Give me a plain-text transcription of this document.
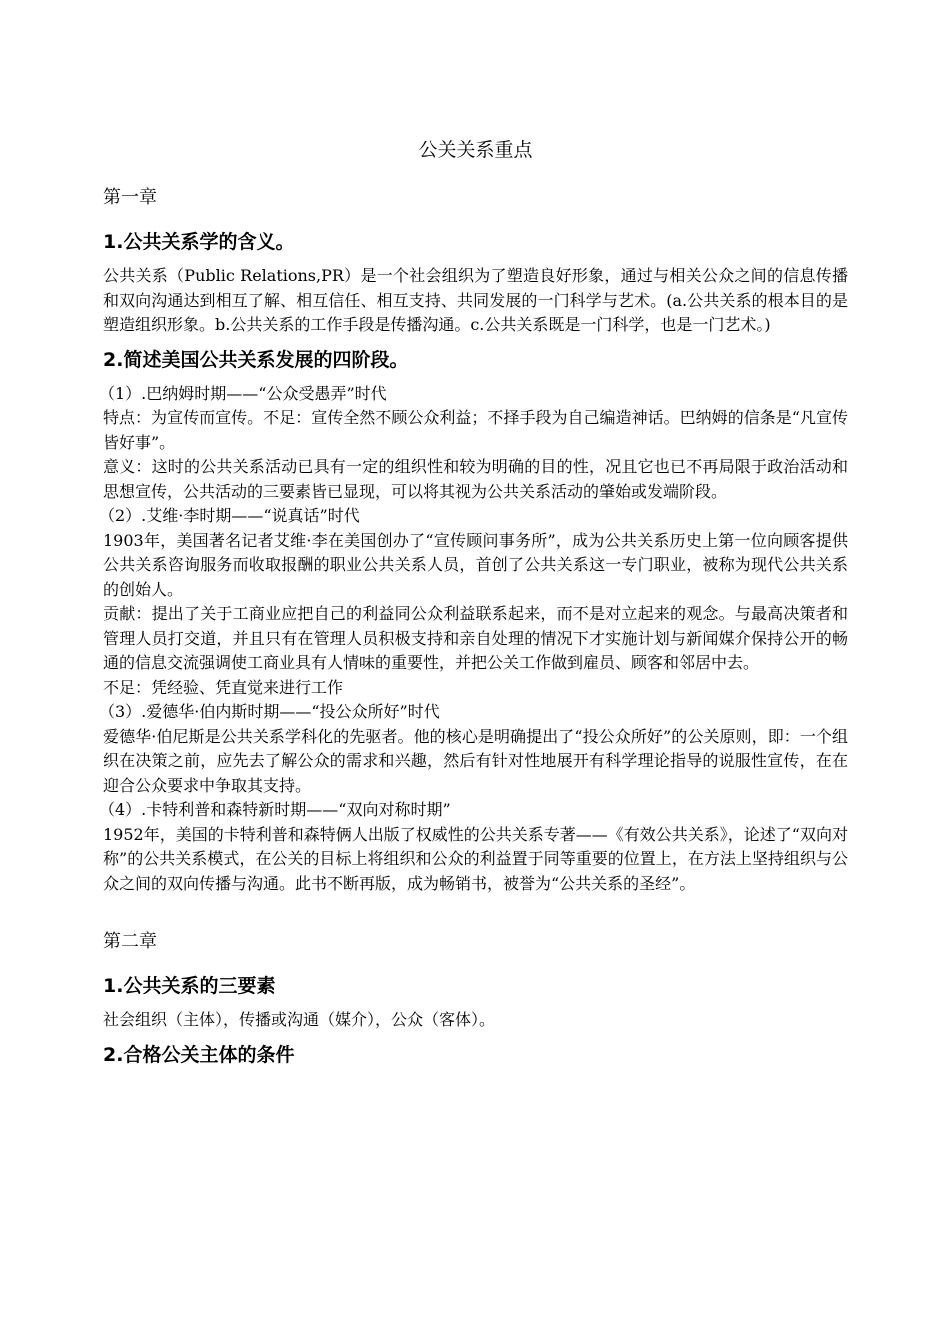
公关关系重点
第一章
1.公共关系学的含义。

公共关系（Public Relations,PR）是一个社会组织为了塑造良好形象，通过与相关公众之间的信息传播和双向沟通达到相互了解、相互信任、相互支持、共同发展的一门科学与艺术。(a.公共关系的根本目的是塑造组织形象。b.公共关系的工作手段是传播沟通。c.公共关系既是一门科学，也是一门艺术。)

2.简述美国公共关系发展的四阶段。

（1）.巴纳姆时期——“公众受愚弄”时代

特点：为宣传而宣传。不足：宣传全然不顾公众利益；不择手段为自己编造神话。巴纳姆的信条是“凡宣传皆好事”。

意义：这时的公共关系活动已具有一定的组织性和较为明确的目的性，况且它也已不再局限于政治活动和思想宣传，公共活动的三要素皆已显现，可以将其视为公共关系活动的肇始或发端阶段。

（2）.艾维·李时期——“说真话”时代

1903年，美国著名记者艾维·李在美国创办了“宣传顾问事务所”，成为公共关系历史上第一位向顾客提供公共关系咨询服务而收取报酬的职业公共关系人员，首创了公共关系这一专门职业，被称为现代公共关系的创始人。

贡献：提出了关于工商业应把自己的利益同公众利益联系起来，而不是对立起来的观念。与最高决策者和管理人员打交道，并且只有在管理人员积极支持和亲自处理的情况下才实施计划与新闻媒介保持公开的畅通的信息交流强调使工商业具有人情味的重要性，并把公关工作做到雇员、顾客和邻居中去。

不足：凭经验、凭直觉来进行工作

（3）.爱德华·伯内斯时期——“投公众所好”时代

爱德华·伯尼斯是公共关系学科化的先驱者。他的核心是明确提出了“投公众所好”的公关原则，即：一个组织在决策之前，应先去了解公众的需求和兴趣，然后有针对性地展开有科学理论指导的说服性宣传，在在迎合公众要求中争取其支持。

（4）.卡特利普和森特新时期——“双向对称时期”

1952年，美国的卡特利普和森特俩人出版了权威性的公共关系专著——《有效公共关系》，论述了“双向对称”的公共关系模式，在公关的目标上将组织和公众的利益置于同等重要的位置上，在方法上坚持组织与公众之间的双向传播与沟通。此书不断再版，成为畅销书，被誉为“公共关系的圣经”。

第二章
1.公共关系的三要素

社会组织（主体），传播或沟通（媒介），公众（客体）。

2.合格公关主体的条件
